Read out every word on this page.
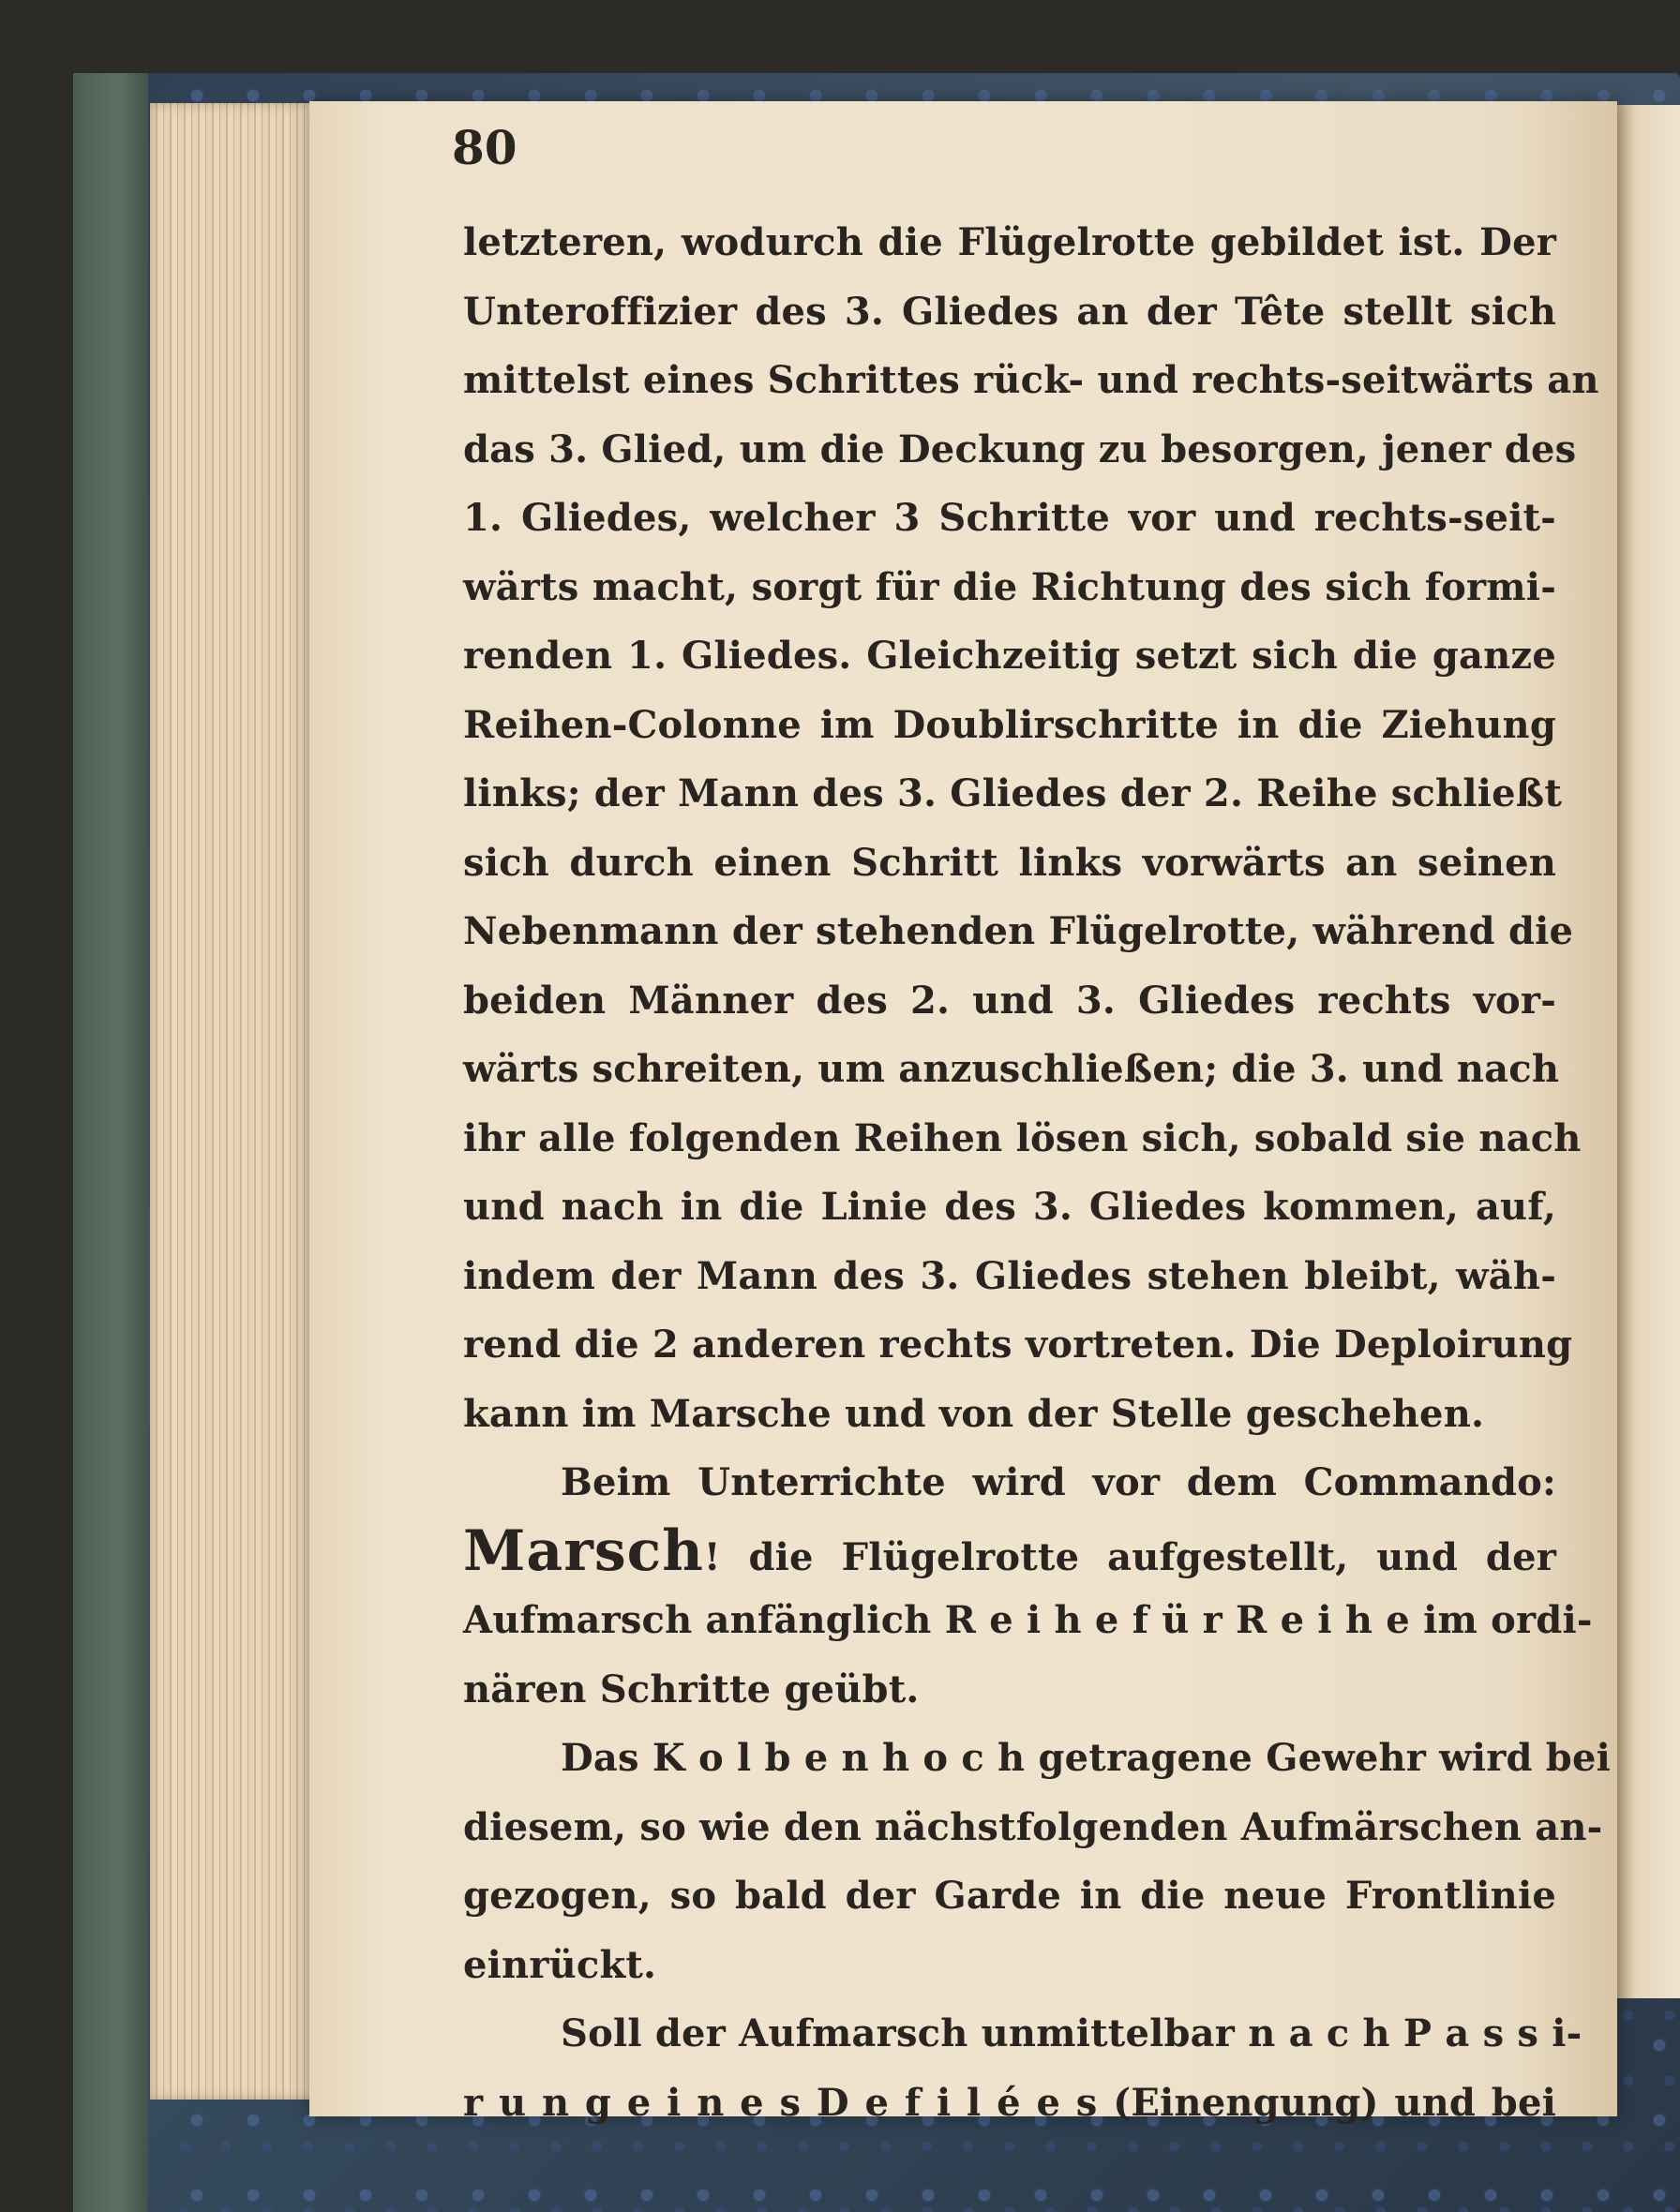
80
letzteren, wodurch die Flügelrotte gebildet ist. Der
Unteroffizier des 3. Gliedes an der Tête stellt sich
mittelst eines Schrittes rück- und rechts-seitwärts an
das 3. Glied, um die Deckung zu besorgen, jener des
1. Gliedes, welcher 3 Schritte vor und rechts-seit-
wärts macht, sorgt für die Richtung des sich formi-
renden 1. Gliedes. Gleichzeitig setzt sich die ganze
Reihen-Colonne im Doublirschritte in die Ziehung
links; der Mann des 3. Gliedes der 2. Reihe schließt
sich durch einen Schritt links vorwärts an seinen
Nebenmann der stehenden Flügelrotte, während die
beiden Männer des 2. und 3. Gliedes rechts vor-
wärts schreiten, um anzuschließen; die 3. und nach
ihr alle folgenden Reihen lösen sich, sobald sie nach
und nach in die Linie des 3. Gliedes kommen, auf,
indem der Mann des 3. Gliedes stehen bleibt, wäh-
rend die 2 anderen rechts vortreten. Die Deploirung
kann im Marsche und von der Stelle geschehen.
Beim Unterrichte wird vor dem Commando:
Marsch! die Flügelrotte aufgestellt, und der
Aufmarsch anfänglich R e i h e f ü r R e i h e im ordi-
nären Schritte geübt.
Das K o l b e n h o c h getragene Gewehr wird bei
diesem, so wie den nächstfolgenden Aufmärschen an-
gezogen, so bald der Garde in die neue Frontlinie
einrückt.
Soll der Aufmarsch unmittelbar n a c h P a s s i-
r u n g e i n e s D e f i l é e s (Einengung) und bei
